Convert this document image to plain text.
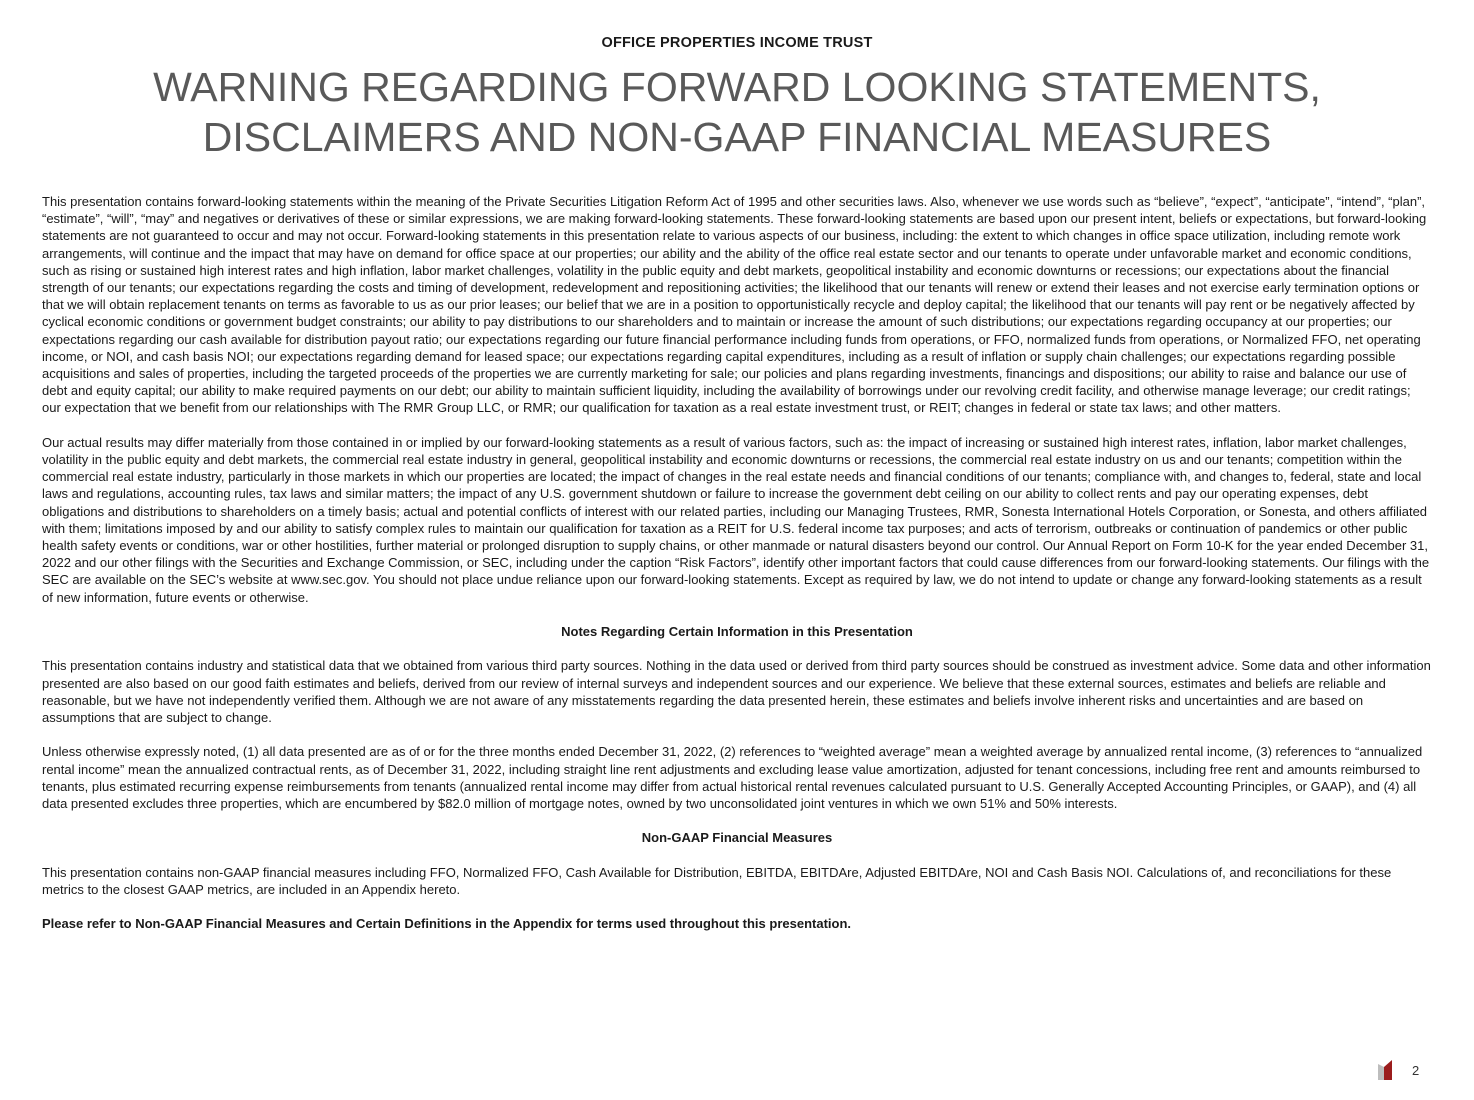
OFFICE PROPERTIES INCOME TRUST
WARNING REGARDING FORWARD LOOKING STATEMENTS, DISCLAIMERS AND NON-GAAP FINANCIAL MEASURES

This presentation contains forward-looking statements within the meaning of the Private Securities Litigation Reform Act of 1995 and other securities laws. Also, whenever we use words such as “believe”, “expect”, “anticipate”, “intend”, “plan”, “estimate”, “will”, “may” and negatives or derivatives of these or similar expressions, we are making forward-looking statements. These forward-looking statements are based upon our present intent, beliefs or expectations, but forward-looking statements are not guaranteed to occur and may not occur. Forward-looking statements in this presentation relate to various aspects of our business, including: the extent to which changes in office space utilization, including remote work arrangements, will continue and the impact that may have on demand for office space at our properties; our ability and the ability of the office real estate sector and our tenants to operate under unfavorable market and economic conditions, such as rising or sustained high interest rates and high inflation, labor market challenges, volatility in the public equity and debt markets, geopolitical instability and economic downturns or recessions; our expectations about the financial strength of our tenants; our expectations regarding the costs and timing of development, redevelopment and repositioning activities; the likelihood that our tenants will renew or extend their leases and not exercise early termination options or that we will obtain replacement tenants on terms as favorable to us as our prior leases; our belief that we are in a position to opportunistically recycle and deploy capital; the likelihood that our tenants will pay rent or be negatively affected by cyclical economic conditions or government budget constraints; our ability to pay distributions to our shareholders and to maintain or increase the amount of such distributions; our expectations regarding occupancy at our properties; our expectations regarding our cash available for distribution payout ratio; our expectations regarding our future financial performance including funds from operations, or FFO, normalized funds from operations, or Normalized FFO, net operating income, or NOI, and cash basis NOI; our expectations regarding demand for leased space; our expectations regarding capital expenditures, including as a result of inflation or supply chain challenges; our expectations regarding possible acquisitions and sales of properties, including the targeted proceeds of the properties we are currently marketing for sale; our policies and plans regarding investments, financings and dispositions; our ability to raise and balance our use of debt and equity capital; our ability to make required payments on our debt; our ability to maintain sufficient liquidity, including the availability of borrowings under our revolving credit facility, and otherwise manage leverage; our credit ratings; our expectation that we benefit from our relationships with The RMR Group LLC, or RMR; our qualification for taxation as a real estate investment trust, or REIT; changes in federal or state tax laws; and other matters.

Our actual results may differ materially from those contained in or implied by our forward-looking statements as a result of various factors, such as: the impact of increasing or sustained high interest rates, inflation, labor market challenges, volatility in the public equity and debt markets, the commercial real estate industry in general, geopolitical instability and economic downturns or recessions, the commercial real estate industry on us and our tenants; competition within the commercial real estate industry, particularly in those markets in which our properties are located; the impact of changes in the real estate needs and financial conditions of our tenants; compliance with, and changes to, federal, state and local laws and regulations, accounting rules, tax laws and similar matters; the impact of any U.S. government shutdown or failure to increase the government debt ceiling on our ability to collect rents and pay our operating expenses, debt obligations and distributions to shareholders on a timely basis; actual and potential conflicts of interest with our related parties, including our Managing Trustees, RMR, Sonesta International Hotels Corporation, or Sonesta, and others affiliated with them; limitations imposed by and our ability to satisfy complex rules to maintain our qualification for taxation as a REIT for U.S. federal income tax purposes; and acts of terrorism, outbreaks or continuation of pandemics or other public health safety events or conditions, war or other hostilities, further material or prolonged disruption to supply chains, or other manmade or natural disasters beyond our control. Our Annual Report on Form 10-K for the year ended December 31, 2022 and our other filings with the Securities and Exchange Commission, or SEC, including under the caption “Risk Factors”, identify other important factors that could cause differences from our forward-looking statements. Our filings with the SEC are available on the SEC’s website at www.sec.gov. You should not place undue reliance upon our forward-looking statements. Except as required by law, we do not intend to update or change any forward-looking statements as a result of new information, future events or otherwise.

Notes Regarding Certain Information in this Presentation

This presentation contains industry and statistical data that we obtained from various third party sources. Nothing in the data used or derived from third party sources should be construed as investment advice. Some data and other information presented are also based on our good faith estimates and beliefs, derived from our review of internal surveys and independent sources and our experience. We believe that these external sources, estimates and beliefs are reliable and reasonable, but we have not independently verified them. Although we are not aware of any misstatements regarding the data presented herein, these estimates and beliefs involve inherent risks and uncertainties and are based on assumptions that are subject to change.

Unless otherwise expressly noted, (1) all data presented are as of or for the three months ended December 31, 2022, (2) references to “weighted average” mean a weighted average by annualized rental income, (3) references to “annualized rental income” mean the annualized contractual rents, as of December 31, 2022, including straight line rent adjustments and excluding lease value amortization, adjusted for tenant concessions, including free rent and amounts reimbursed to tenants, plus estimated recurring expense reimbursements from tenants (annualized rental income may differ from actual historical rental revenues calculated pursuant to U.S. Generally Accepted Accounting Principles, or GAAP), and (4) all data presented excludes three properties, which are encumbered by $82.0 million of mortgage notes, owned by two unconsolidated joint ventures in which we own 51% and 50% interests.

Non-GAAP Financial Measures

This presentation contains non-GAAP financial measures including FFO, Normalized FFO, Cash Available for Distribution, EBITDA, EBITDAre, Adjusted EBITDAre, NOI and Cash Basis NOI. Calculations of, and reconciliations for these metrics to the closest GAAP metrics, are included in an Appendix hereto.

Please refer to Non-GAAP Financial Measures and Certain Definitions in the Appendix for terms used throughout this presentation.

2
